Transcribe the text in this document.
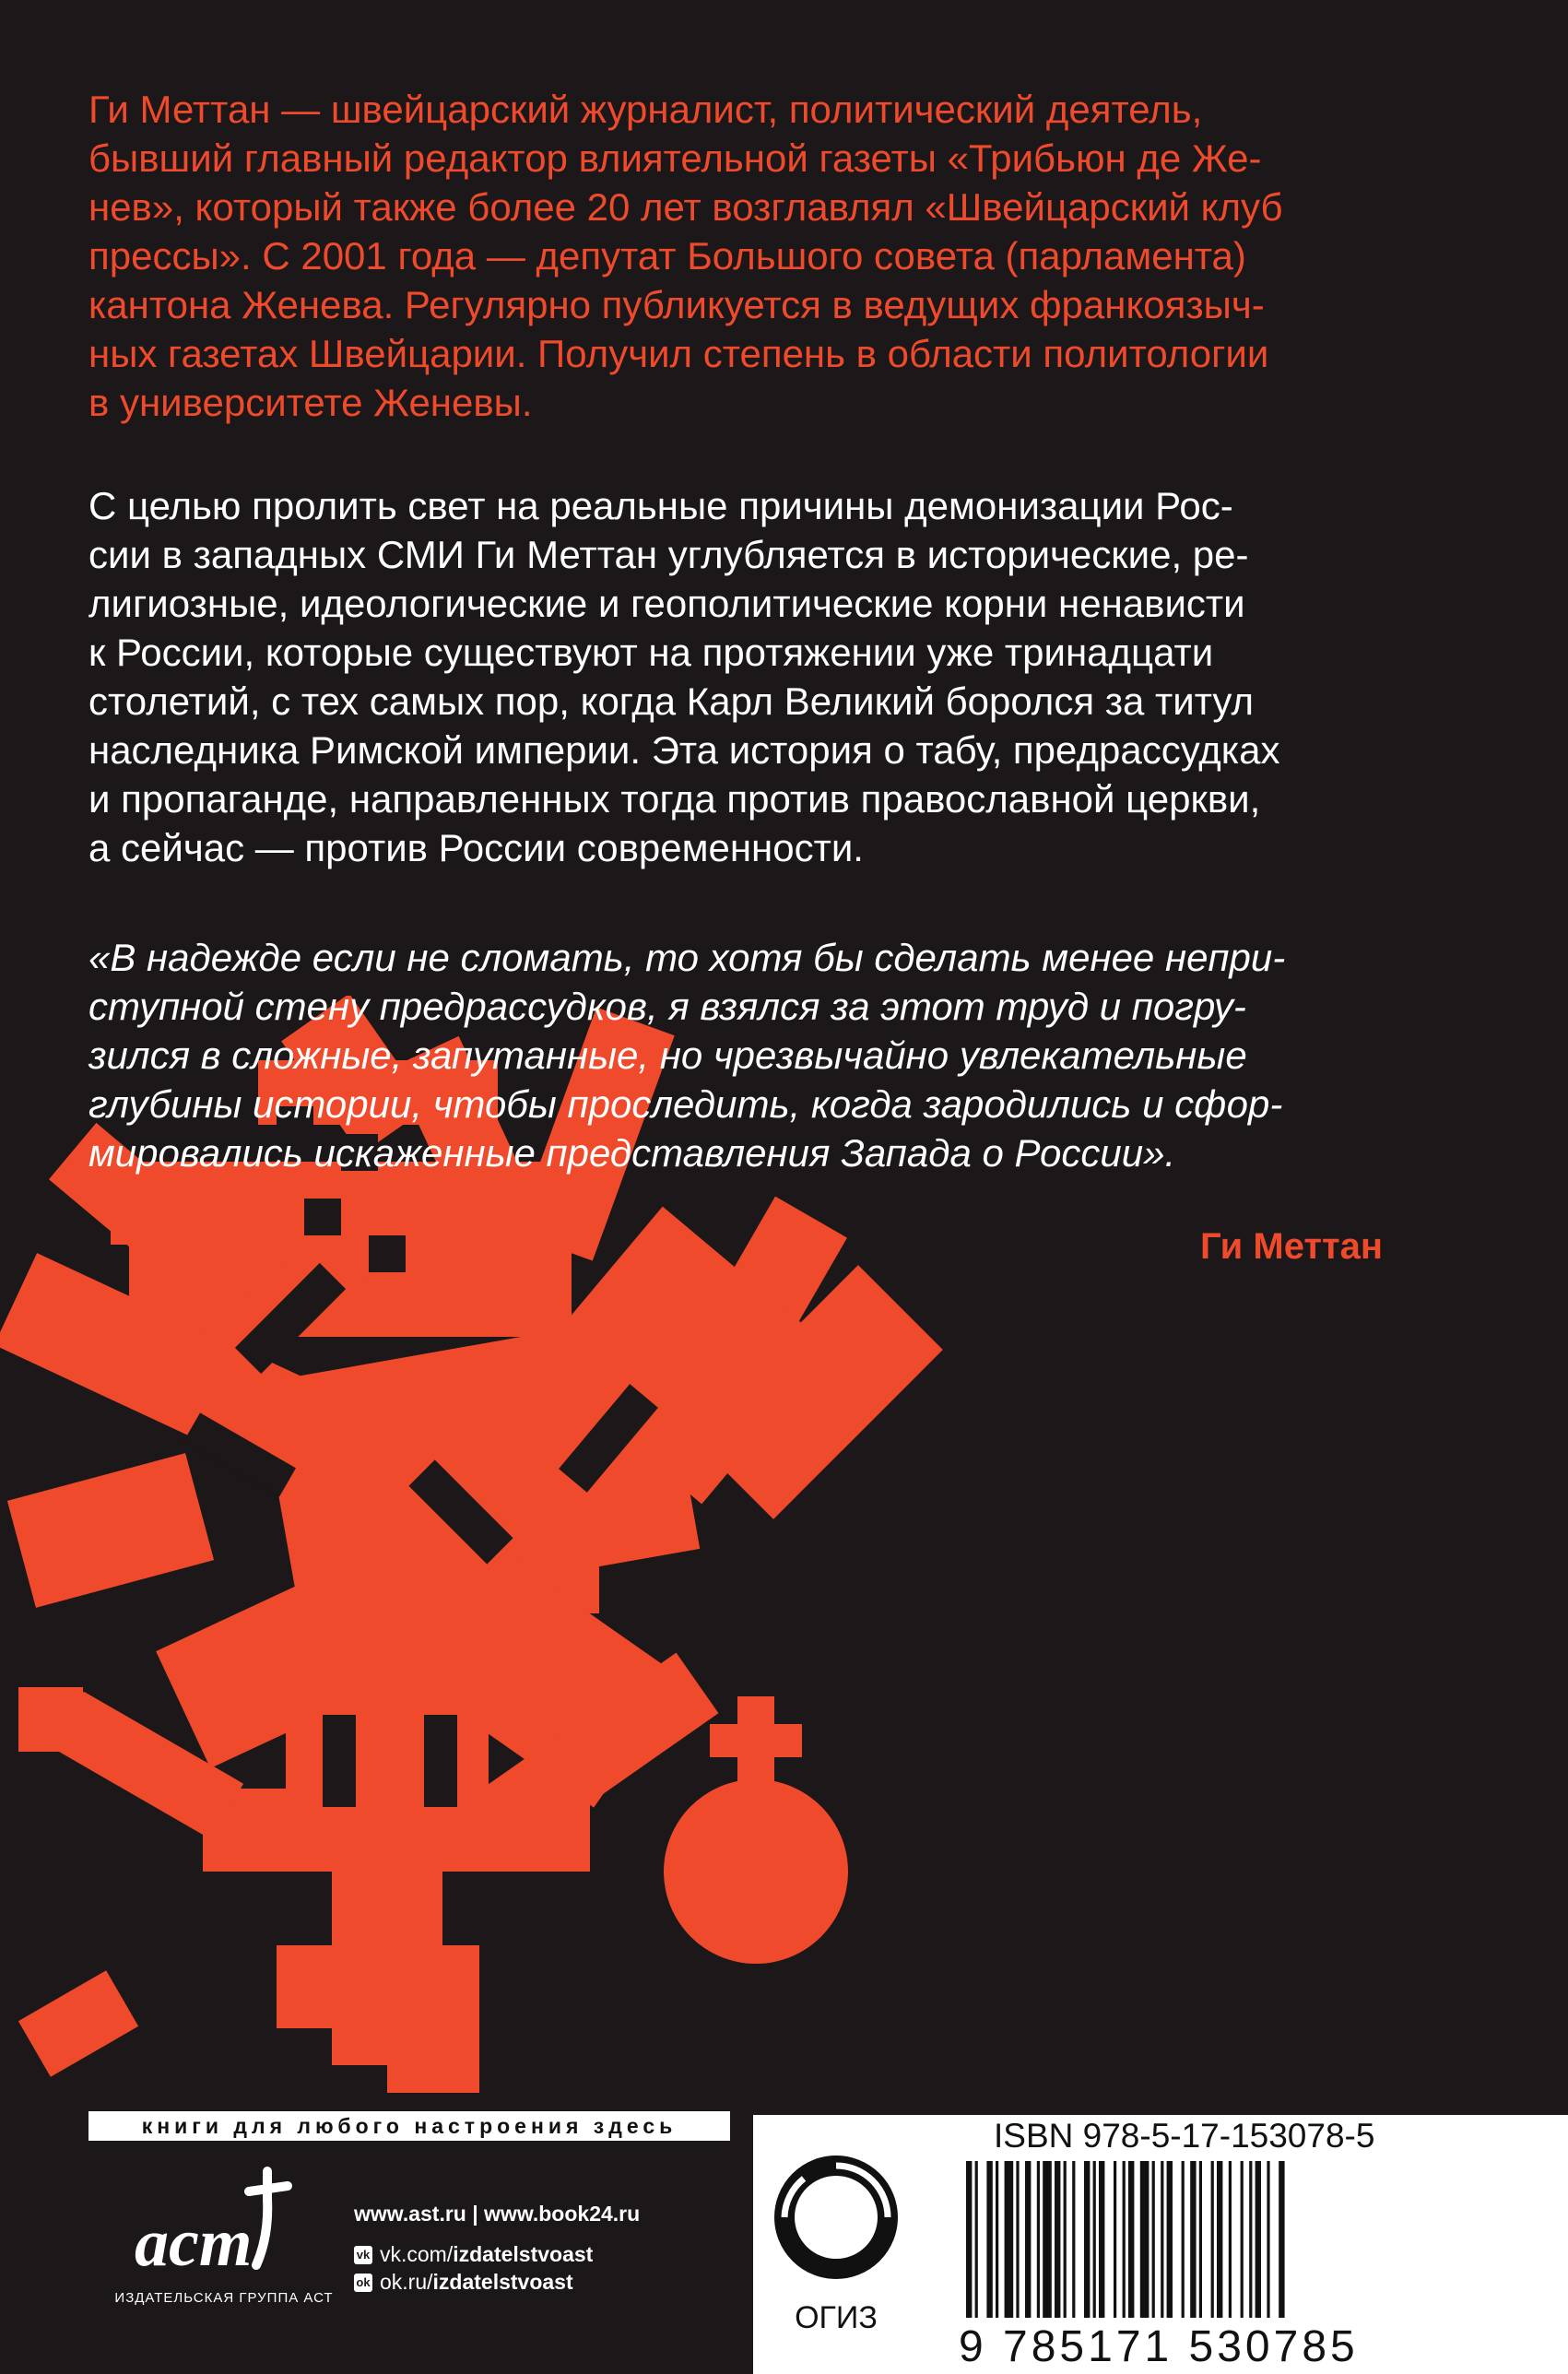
Ги Меттан — швейцарский журналист, политический деятель,
бывший главный редактор влиятельной газеты «Трибьюн де Же-
нев», который также более 20 лет возглавлял «Швейцарский клуб
прессы». С 2001 года — депутат Большого совета (парламента)
кантона Женева. Регулярно публикуется в ведущих франкоязыч-
ных газетах Швейцарии. Получил степень в области политологии
в университете Женевы.
С целью пролить свет на реальные причины демонизации Рос-
сии в западных СМИ Ги Меттан углубляется в исторические, ре-
лигиозные, идеологические и геополитические корни ненависти
к России, которые существуют на протяжении уже тринадцати
столетий, с тех самых пор, когда Карл Великий боролся за титул
наследника Римской империи. Эта история о табу, предрассудках
и пропаганде, направленных тогда против православной церкви,
а сейчас — против России современности.
«В надежде если не сломать, то хотя бы сделать менее непри-
ступной стену предрассудков, я взялся за этот труд и погру-
зился в сложные, запутанные, но чрезвычайно увлекательные
глубины истории, чтобы проследить, когда зародились и сфор-
мировались искаженные представления Запада о России».
Ги Меттан
книги для любого настроения здесь
аст
ИЗДАТЕЛЬСКАЯ ГРУППА АСТ
www.ast.ru | www.book24.ru
vk vk.com/izdatelstvoast
ok ok.ru/izdatelstvoast
ОГИЗ
ISBN 978-5-17-153078-5
9 785171 530785
